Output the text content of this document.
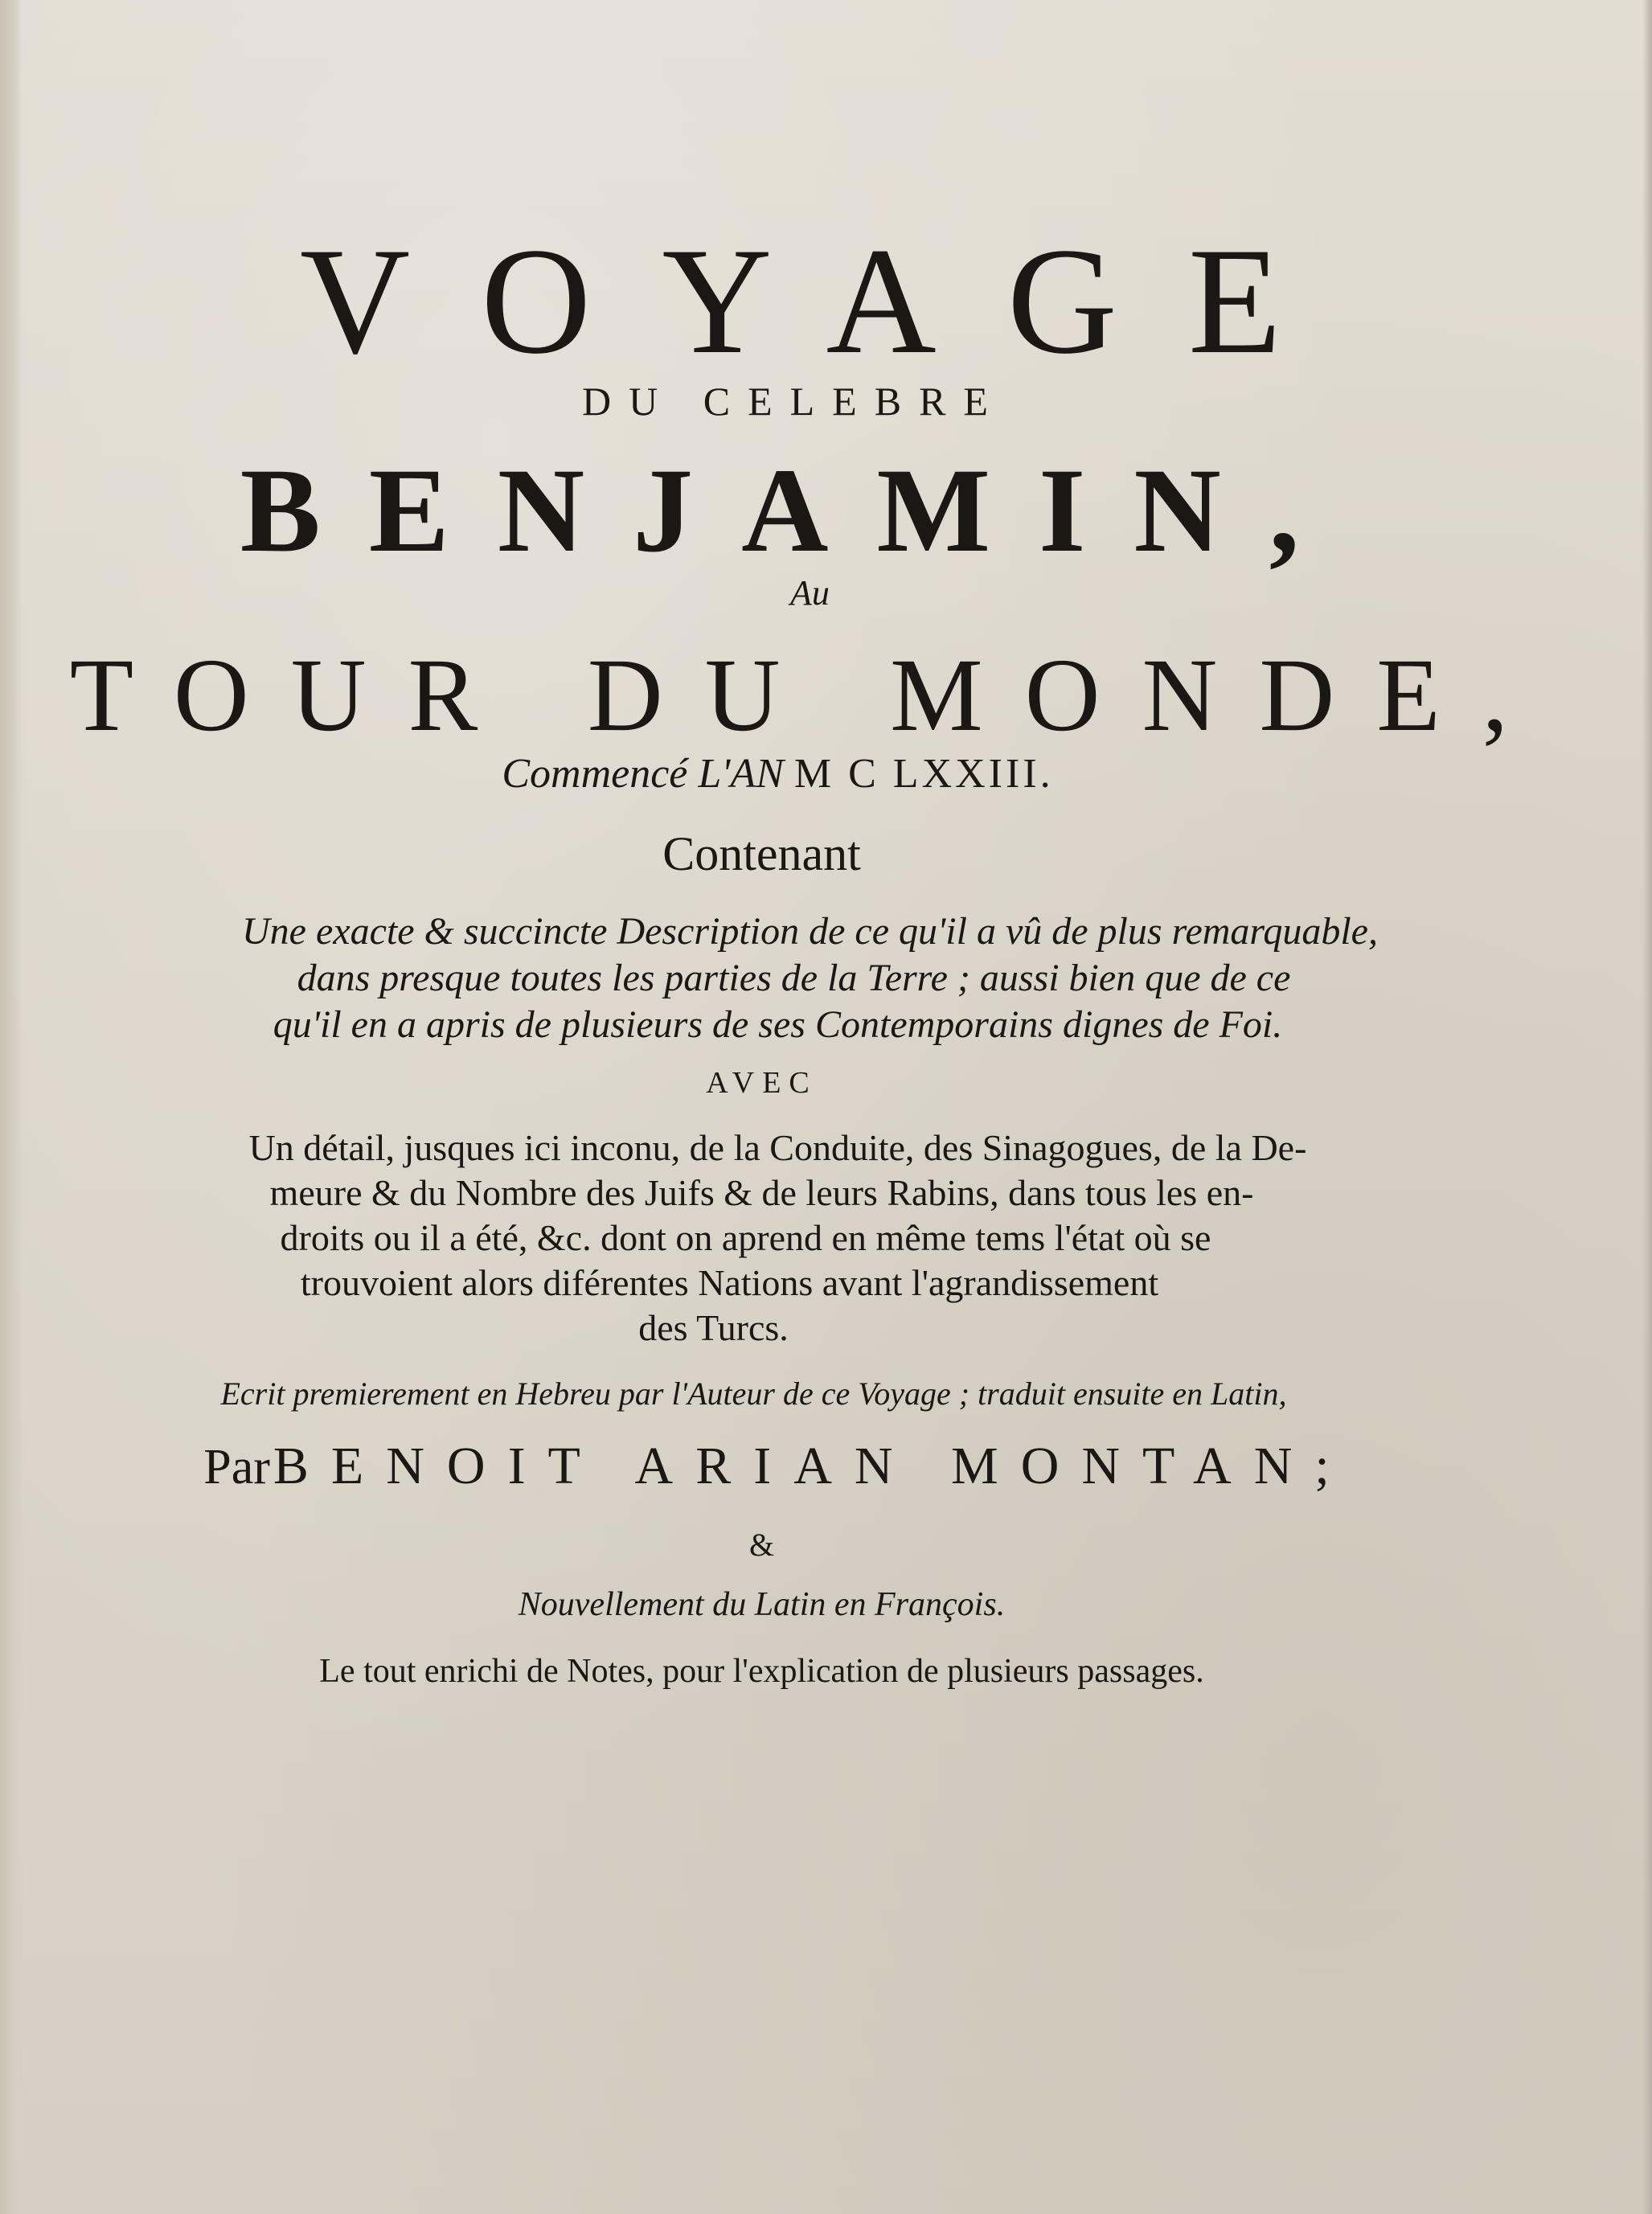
VOYAGE
DU CELEBRE
BENJAMIN,
Au
TOUR DU MONDE,
Commencé L'AN M C LXXIII.
Contenant
Une exacte & succincte Description de ce qu'il a vû de plus remarquable,
dans presque toutes les parties de la Terre ; aussi bien que de ce
qu'il en a apris de plusieurs de ses Contemporains dignes de Foi.
AVEC
Un détail, jusques ici inconu, de la Conduite, des Sinagogues, de la De-
meure & du Nombre des Juifs & de leurs Rabins, dans tous les en-
droits ou il a été, &c. dont on aprend en même tems l'état où se
trouvoient alors diférentes Nations avant l'agrandissement
des Turcs.
Ecrit premierement en Hebreu par l'Auteur de ce Voyage ; traduit ensuite en Latin,
Par BENOIT ARIAN MONTAN;
&
Nouvellement du Latin en François.
Le tout enrichi de Notes, pour l'explication de plusieurs passages.
